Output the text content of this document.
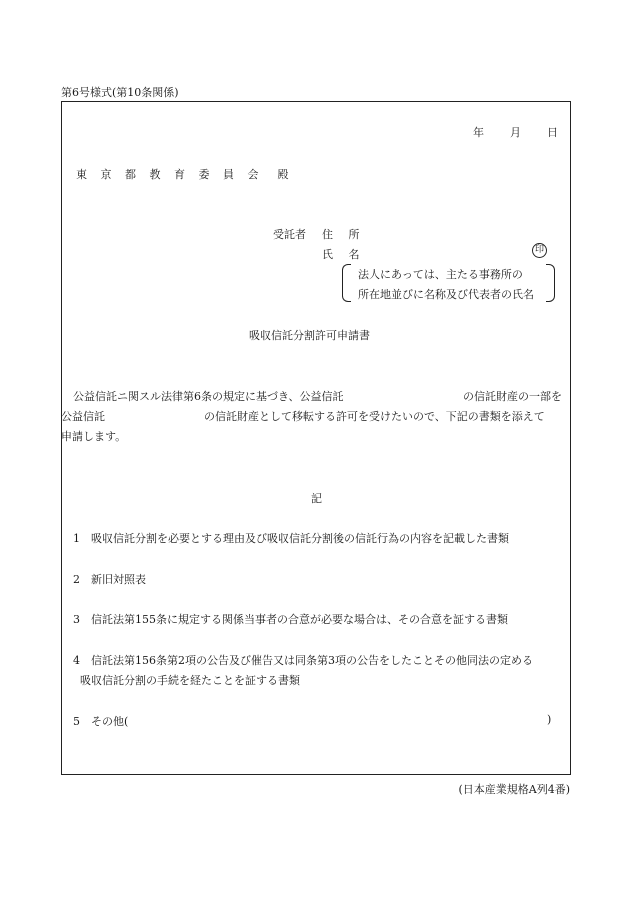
第6号様式(第10条関係)
年 月 日
東 京 都 教 育 委 員 会 殿
受託者 住 所
氏 名	印
法人にあっては、主たる事務所の
所在地並びに名称及び代表者の氏名
吸収信託分割許可申請書
公益信託ニ関スル法律第6条の規定に基づき、公益信託	の信託財産の一部を
公益信託	の信託財産として移転する許可を受けたいので、下記の書類を添えて
申請します。
記
1　吸収信託分割を必要とする理由及び吸収信託分割後の信託行為の内容を記載した書類
2　新旧対照表
3　信託法第155条に規定する関係当事者の合意が必要な場合は、その合意を証する書類
4　信託法第156条第2項の公告及び催告又は同条第3項の公告をしたことその他同法の定める
吸収信託分割の手続を経たことを証する書類
5　その他(	)
(日本産業規格A列4番)
